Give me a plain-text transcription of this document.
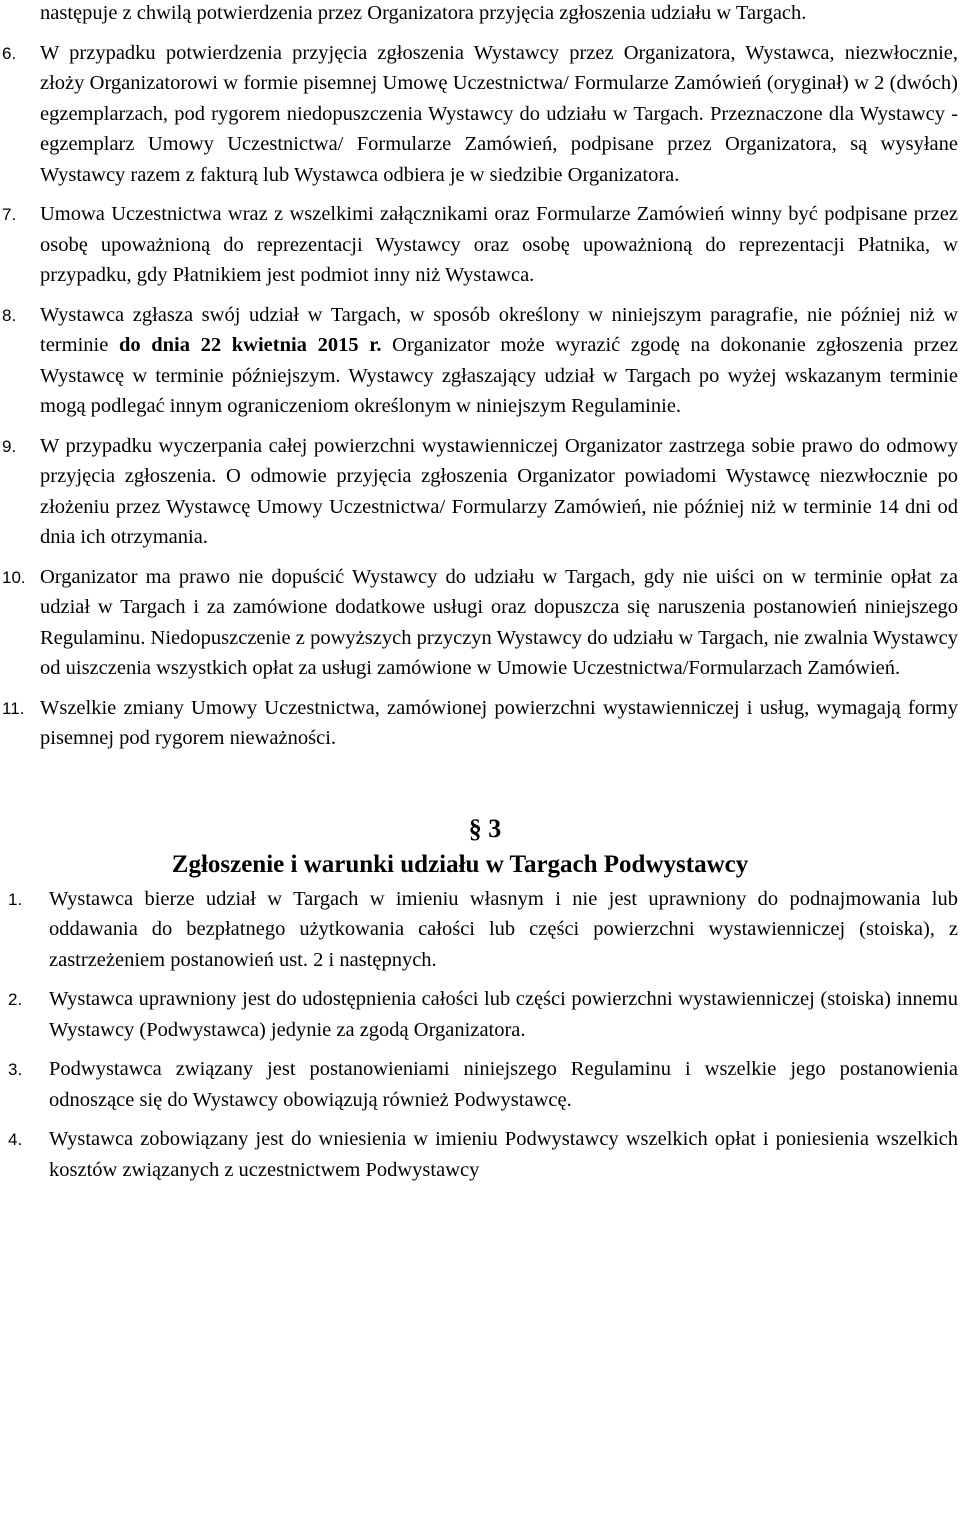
następuje z chwilą potwierdzenia przez Organizatora przyjęcia zgłoszenia udziału w Targach.
6. W przypadku potwierdzenia przyjęcia zgłoszenia Wystawcy przez Organizatora, Wystawca, niezwłocznie, złoży Organizatorowi w formie pisemnej Umowę Uczestnictwa/ Formularze Zamówień (oryginał) w 2 (dwóch) egzemplarzach, pod rygorem niedopuszczenia Wystawcy do udziału w Targach. Przeznaczone dla Wystawcy - egzemplarz Umowy Uczestnictwa/ Formularze Zamówień, podpisane przez Organizatora, są wysyłane Wystawcy razem z fakturą lub Wystawca odbiera je w siedzibie Organizatora.
7. Umowa Uczestnictwa wraz z wszelkimi załącznikami oraz Formularze Zamówień winny być podpisane przez osobę upoważnioną do reprezentacji Wystawcy oraz osobę upoważnioną do reprezentacji Płatnika, w przypadku, gdy Płatnikiem jest podmiot inny niż Wystawca.
8. Wystawca zgłasza swój udział w Targach, w sposób określony w niniejszym paragrafie, nie później niż w terminie do dnia 22 kwietnia 2015 r. Organizator może wyrazić zgodę na dokonanie zgłoszenia przez Wystawcę w terminie późniejszym. Wystawcy zgłaszający udział w Targach po wyżej wskazanym terminie mogą podlegać innym ograniczeniom określonym w niniejszym Regulaminie.
9. W przypadku wyczerpania całej powierzchni wystawienniczej Organizator zastrzega sobie prawo do odmowy przyjęcia zgłoszenia. O odmowie przyjęcia zgłoszenia Organizator powiadomi Wystawcę niezwłocznie po złożeniu przez Wystawcę Umowy Uczestnictwa/ Formularzy Zamówień, nie później niż w terminie 14 dni od dnia ich otrzymania.
10. Organizator ma prawo nie dopuścić Wystawcy do udziału w Targach, gdy nie uiści on w terminie opłat za udział w Targach i za zamówione dodatkowe usługi oraz dopuszcza się naruszenia postanowień niniejszego Regulaminu. Niedopuszczenie z powyższych przyczyn Wystawcy do udziału w Targach, nie zwalnia Wystawcy od uiszczenia wszystkich opłat za usługi zamówione w Umowie Uczestnictwa/Formularzach Zamówień.
11. Wszelkie zmiany Umowy Uczestnictwa, zamówionej powierzchni wystawienniczej i usług, wymagają formy pisemnej pod rygorem nieważności.
§ 3
Zgłoszenie i warunki udziału w Targach Podwystawcy
1. Wystawca bierze udział w Targach w imieniu własnym i nie jest uprawniony do podnajmowania lub oddawania do bezpłatnego użytkowania całości lub części powierzchni wystawienniczej (stoiska), z zastrzeżeniem postanowień ust. 2 i następnych.
2. Wystawca uprawniony jest do udostępnienia całości lub części powierzchni wystawienniczej (stoiska) innemu Wystawcy (Podwystawca) jedynie za zgodą Organizatora.
3. Podwystawca związany jest postanowieniami niniejszego Regulaminu i wszelkie jego postanowienia odnoszące się do Wystawcy obowiązują również Podwystawcę.
4. Wystawca zobowiązany jest do wniesienia w imieniu Podwystawcy wszelkich opłat i poniesienia wszelkich kosztów związanych z uczestnictwem Podwystawcy
